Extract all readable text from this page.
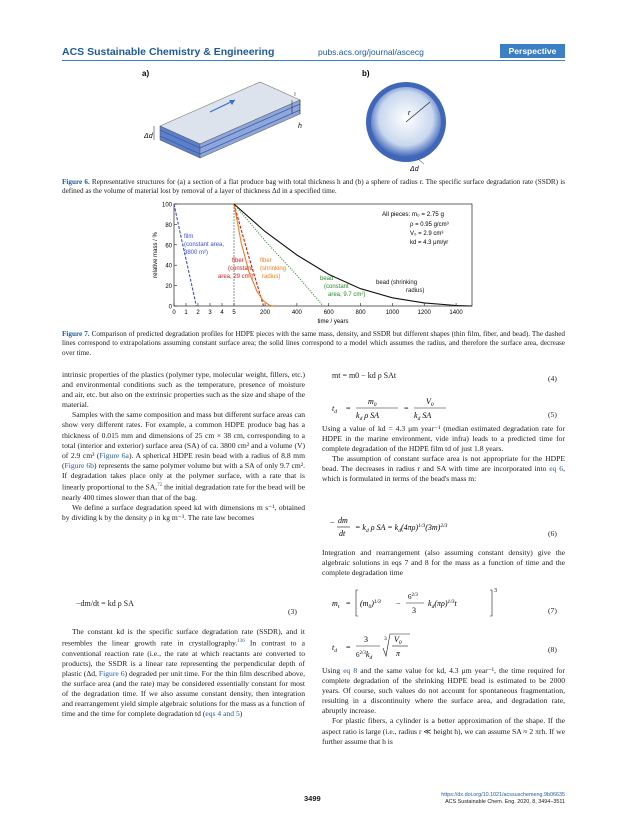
ACS Sustainable Chemistry & Engineering	pubs.acs.org/journal/ascecg	Perspective
a)	b)
Δd
h
r
Δd
Figure 6. Representative structures for (a) a section of a flat produce bag with total thickness h and (b) a sphere of radius r. The specific surface degradation rate (SSDR) is defined as the volume of material lost by removal of a layer of thickness Δd in a specified time.
0
20
40
60
80
100
0 1 2 3 4 5	200	400	600	800	1000	1200	1400
time / years
relative mass / %
All pieces: m₀ = 2.75 g
ρ = 0.95 g/cm³
V₀ = 2.9 cm³
kd = 4.3 μm/yr
film
(constant area,
3800 m²)
fiber
(constant
area, 29 cm²)
fiber
(shrinking
radius)	bead
(constant
area, 9.7 cm²)
bead (shrinking
radius)
Figure 7. Comparison of predicted degradation profiles for HDPE pieces with the same mass, density, and SSDR but different shapes (thin film, fiber, and bead). The dashed lines correspond to extrapolations assuming constant surface area; the solid lines correspond to a model which assumes the radius, and therefore the surface area, decrease over time.

intrinsic properties of the plastics (polymer type, molecular weight, fillers, etc.) and environmental conditions such as the temperature, presence of moisture and air, etc. but also on the extrinsic properties such as the size and shape of the material.

Samples with the same composition and mass but different surface areas can show very different rates. For example, a common HDPE produce bag has a thickness of 0.015 mm and dimensions of 25 cm × 38 cm, corresponding to a total (interior and exterior) surface area (SA) of ca. 3800 cm² and a volume (V) of 2.9 cm³ (Figure 6a). A spherical HDPE resin bead with a radius of 8.8 mm (Figure 6b) represents the same polymer volume but with a SA of only 9.7 cm². If degradation takes place only at the polymer surface, with a rate that is linearly proportional to the SA,$^{72}$ the initial degradation rate for the bead will be nearly 400 times slower than that of the bag.

We define a surface degradation speed kd with dimensions m s⁻¹, obtained by dividing k by the density ρ in kg m⁻³. The rate law becomes

−dm/dt = kd ρ SA
(3)

The constant kd is the specific surface degradation rate (SSDR), and it resembles the linear growth rate in crystallography.$^{136}$ In contrast to a conventional reaction rate (i.e., the rate at which reactants are converted to products), the SSDR is a linear rate representing the perpendicular depth of plastic (Δd, Figure 6) degraded per unit time. For the thin film described above, the surface area (and the rate) may be considered essentially constant for most of the degradation time. If we also assume constant density, then integration and rearrangement yield simple algebraic solutions for the mass as a function of time and the time for complete degradation td (eqs 4 and 5)

mt = m0 − kd ρ SAt	(4)
$t_d$ =
$m_0$
$k_d$ ρ SA
=
$V_0$
$k_d$ SA	(5)

Using a value of kd = 4.3 μm year⁻¹ (median estimated degradation rate for HDPE in the marine environment, vide infra) leads to a predicted time for complete degradation of the HDPE film td of just 1.8 years.

The assumption of constant surface area is not appropriate for the HDPE bead. The decreases in radius r and SA with time are incorporated into eq 6, which is formulated in terms of the bead's mass m:

− dm
dt
= $k_d$ ρ SA = $k_d(4\pi\rho)^{1/3}(3m)^{2/3}$
(6)
Integration and rearrangement (also assuming constant density) give the algebraic solutions in eqs 7 and 8 for the mass as a function of time and the complete degradation time
$m_t = (m_0)^{1/3}$ −
$6^{2/3}$
3
$k_d(\pi\rho)^{1/3}t$
3
(7)
$t_d$ =
3
$6^{2/3}k_d$
3 $V_0$
π	(8)

Using eq 8 and the same value for kd, 4.3 μm year⁻¹, the time required for complete degradation of the shrinking HDPE bead is estimated to be 2000 years. Of course, such values do not account for spontaneous fragmentation, resulting in a discontinuity where the surface area, and degradation rate, abruptly increase.

For plastic fibers, a cylinder is a better approximation of the shape. If the aspect ratio is large (i.e., radius r ≪ height h), we can assume SA ≈ 2 πrh. If we further assume that h is

3499	https://dx.doi.org/10.1021/acssuschemeng.9b06635
ACS Sustainable Chem. Eng. 2020, 8, 3494−3511
